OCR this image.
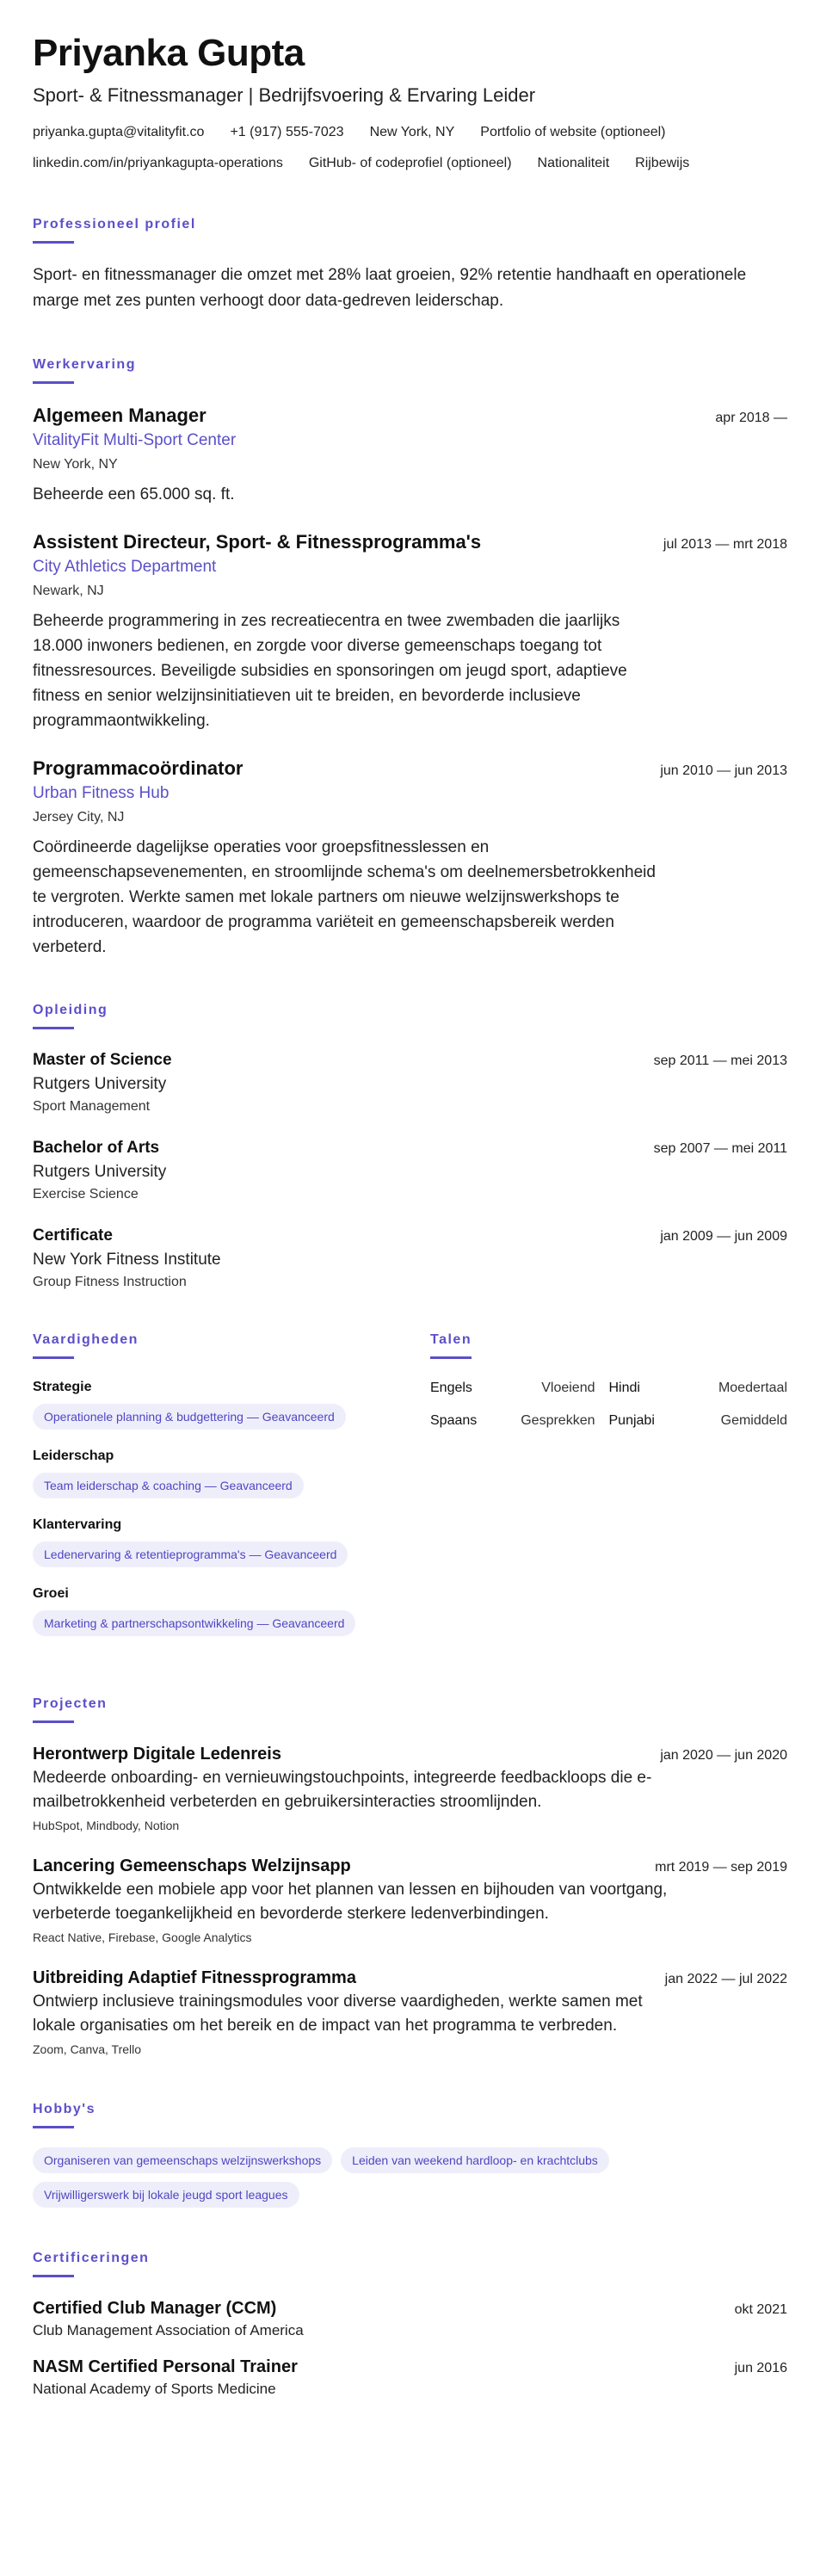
Priyanka Gupta
Sport- & Fitnessmanager | Bedrijfsvoering & Ervaring Leider
priyanka.gupta@vitalityfit.co +1 (917) 555-7023 New York, NY Portfolio of website (optioneel)
linkedin.com/in/priyankagupta-operations GitHub- of codeprofiel (optioneel) Nationaliteit Rijbewijs
Professioneel profiel

Sport- en fitnessmanager die omzet met 28% laat groeien, 92% retentie handhaaft en operationele marge met zes punten verhoogt door data-gedreven leiderschap.

Werkervaring
Algemeen Manager	apr 2018 —
VitalityFit Multi-Sport Center
New York, NY

Beheerde een 65.000 sq. ft.

Assistent Directeur, Sport- & Fitnessprogramma's	jul 2013 — mrt 2018
City Athletics Department
Newark, NJ

Beheerde programmering in zes recreatiecentra en twee zwembaden die jaarlijks 18.000 inwoners bedienen, en zorgde voor diverse gemeenschaps toegang tot fitnessresources. Beveiligde subsidies en sponsoringen om jeugd sport, adaptieve fitness en senior welzijnsinitiatieven uit te breiden, en bevorderde inclusieve programmaontwikkeling.

Programmacoördinator	jun 2010 — jun 2013
Urban Fitness Hub
Jersey City, NJ

Coördineerde dagelijkse operaties voor groepsfitnesslessen en gemeenschapsevenementen, en stroomlijnde schema's om deelnemersbetrokkenheid te vergroten. Werkte samen met lokale partners om nieuwe welzijnswerkshops te introduceren, waardoor de programma variëteit en gemeenschapsbereik werden verbeterd.

Opleiding
Master of Science	sep 2011 — mei 2013
Rutgers University
Sport Management
Bachelor of Arts	sep 2007 — mei 2011
Rutgers University
Exercise Science
Certificate	jan 2009 — jun 2009
New York Fitness Institute
Group Fitness Instruction
Vaardigheden
Strategie
Operationele planning & budgettering — Geavanceerd
Leiderschap
Team leiderschap & coaching — Geavanceerd
Klantervaring
Ledenervaring & retentieprogramma's — Geavanceerd
Groei
Marketing & partnerschapsontwikkeling — Geavanceerd
Talen
Engels	Vloeiend Hindi	Moedertaal
Spaans	Gesprekken Punjabi	Gemiddeld
Projecten
Herontwerp Digitale Ledenreis	jan 2020 — jun 2020

Medeerde onboarding- en vernieuwingstouchpoints, integreerde feedbackloops die e-mailbetrokkenheid verbeterden en gebruikersinteracties stroomlijnden.

HubSpot, Mindbody, Notion
Lancering Gemeenschaps Welzijnsapp	mrt 2019 — sep 2019

Ontwikkelde een mobiele app voor het plannen van lessen en bijhouden van voortgang, verbeterde toegankelijkheid en bevorderde sterkere ledenverbindingen.

React Native, Firebase, Google Analytics
Uitbreiding Adaptief Fitnessprogramma	jan 2022 — jul 2022

Ontwierp inclusieve trainingsmodules voor diverse vaardigheden, werkte samen met lokale organisaties om het bereik en de impact van het programma te verbreden.

Zoom, Canva, Trello
Hobby's
Organiseren van gemeenschaps welzijnswerkshops	Leiden van weekend hardloop- en krachtclubs
Vrijwilligerswerk bij lokale jeugd sport leagues
Certificeringen
Certified Club Manager (CCM)	okt 2021
Club Management Association of America
NASM Certified Personal Trainer	jun 2016
National Academy of Sports Medicine
